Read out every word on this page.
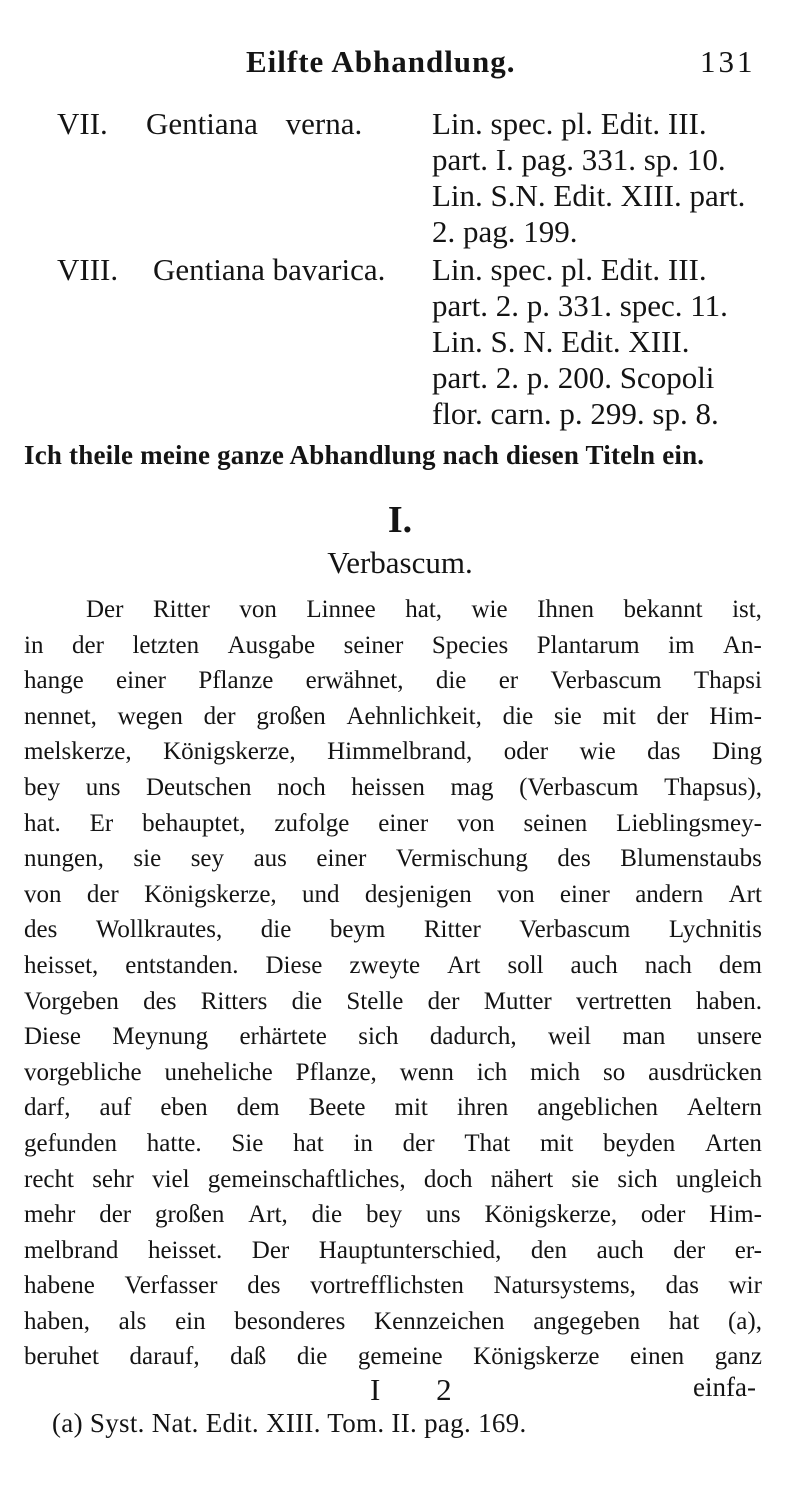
Eilfte Abhandlung.	131
VII. Gentiana verna. Lin. spec. pl. Edit. III.
part. I. pag. 331. sp. 10.
Lin. S.N. Edit. XIII. part.
2. pag. 199.
VIII. Gentiana bavarica. Lin. spec. pl. Edit. III.
part. 2. p. 331. spec. 11.
Lin. S. N. Edit. XIII.
part. 2. p. 200. Scopoli
flor. carn. p. 299. sp. 8.
Ich theile meine ganze Abhandlung nach diesen Titeln ein.
I.
Verbascum.
Der Ritter von Linnee hat, wie Ihnen bekannt ist,
in der letzten Ausgabe seiner Species Plantarum im An-
hange einer Pflanze erwähnet, die er Verbascum Thapsi
nennet, wegen der großen Aehnlichkeit, die sie mit der Him-
melskerze, Königskerze, Himmelbrand, oder wie das Ding
bey uns Deutschen noch heissen mag (Verbascum Thapsus),
hat. Er behauptet, zufolge einer von seinen Lieblingsmey-
nungen, sie sey aus einer Vermischung des Blumenstaubs
von der Königskerze, und desjenigen von einer andern Art
des Wollkrautes, die beym Ritter Verbascum Lychnitis
heisset, entstanden. Diese zweyte Art soll auch nach dem
Vorgeben des Ritters die Stelle der Mutter vertretten haben.
Diese Meynung erhärtete sich dadurch, weil man unsere
vorgebliche uneheliche Pflanze, wenn ich mich so ausdrücken
darf, auf eben dem Beete mit ihren angeblichen Aeltern
gefunden hatte. Sie hat in der That mit beyden Arten
recht sehr viel gemeinschaftliches, doch nähert sie sich ungleich
mehr der großen Art, die bey uns Königskerze, oder Him-
melbrand heisset. Der Hauptunterschied, den auch der er-
habene Verfasser des vortrefflichsten Natursystems, das wir
haben, als ein besonderes Kennzeichen angegeben hat (a),
beruhet darauf, daß die gemeine Königskerze einen ganz
I 2	einfa-
(a) Syst. Nat. Edit. XIII. Tom. II. pag. 169.
